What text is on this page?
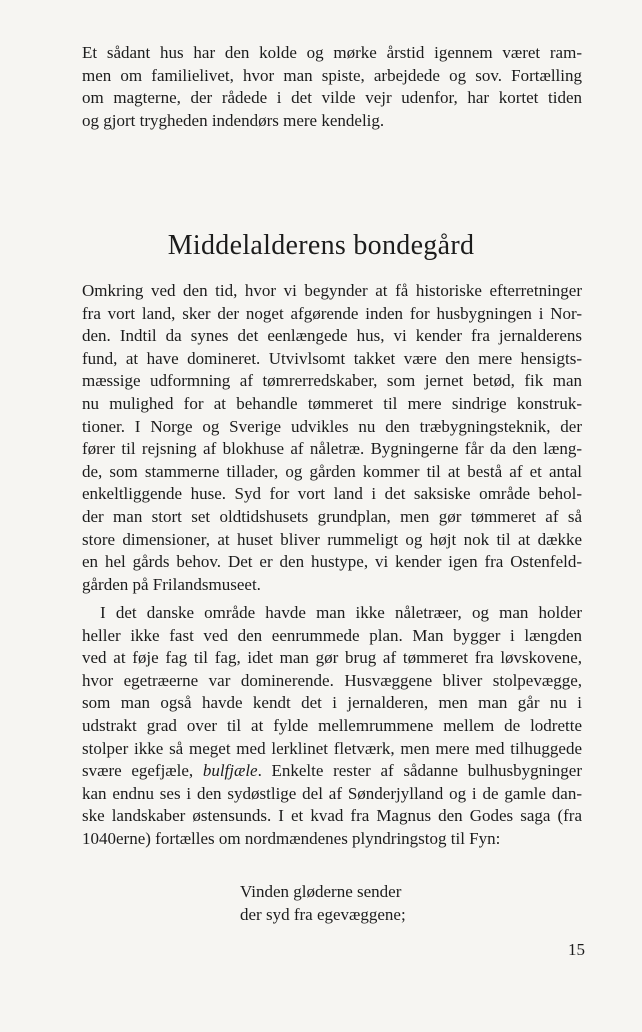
Et sådant hus har den kolde og mørke årstid igennem været ram-
men om familielivet, hvor man spiste, arbejdede og sov. Fortælling
om magterne, der rådede i det vilde vejr udenfor, har kortet tiden
og gjort trygheden indendørs mere kendelig.
Middelalderens bondegård
Omkring ved den tid, hvor vi begynder at få historiske efterretninger
fra vort land, sker der noget afgørende inden for husbygningen i Nor-
den. Indtil da synes det eenlængede hus, vi kender fra jernalderens
fund, at have domineret. Utvivlsomt takket være den mere hensigts-
mæssige udformning af tømrerredskaber, som jernet betød, fik man
nu mulighed for at behandle tømmeret til mere sindrige konstruk-
tioner. I Norge og Sverige udvikles nu den træbygningsteknik, der
fører til rejsning af blokhuse af nåletræ. Bygningerne får da den læng-
de, som stammerne tillader, og gården kommer til at bestå af et antal
enkeltliggende huse. Syd for vort land i det saksiske område behol-
der man stort set oldtidshusets grundplan, men gør tømmeret af så
store dimensioner, at huset bliver rummeligt og højt nok til at dække
en hel gårds behov. Det er den hustype, vi kender igen fra Ostenfeld-
gården på Frilandsmuseet.
I det danske område havde man ikke nåletræer, og man holder
heller ikke fast ved den eenrummede plan. Man bygger i længden
ved at føje fag til fag, idet man gør brug af tømmeret fra løvskovene,
hvor egetræerne var dominerende. Husvæggene bliver stolpevægge,
som man også havde kendt det i jernalderen, men man går nu i
udstrakt grad over til at fylde mellemrummene mellem de lodrette
stolper ikke så meget med lerklinet fletværk, men mere med tilhuggede
svære egefjæle, bulfjæle. Enkelte rester af sådanne bulhusbygninger
kan endnu ses i den sydøstlige del af Sønderjylland og i de gamle dan-
ske landskaber østensunds. I et kvad fra Magnus den Godes saga (fra
1040erne) fortælles om nordmændenes plyndringstog til Fyn:
Vinden gløderne sender
der syd fra egevæggene;
15
